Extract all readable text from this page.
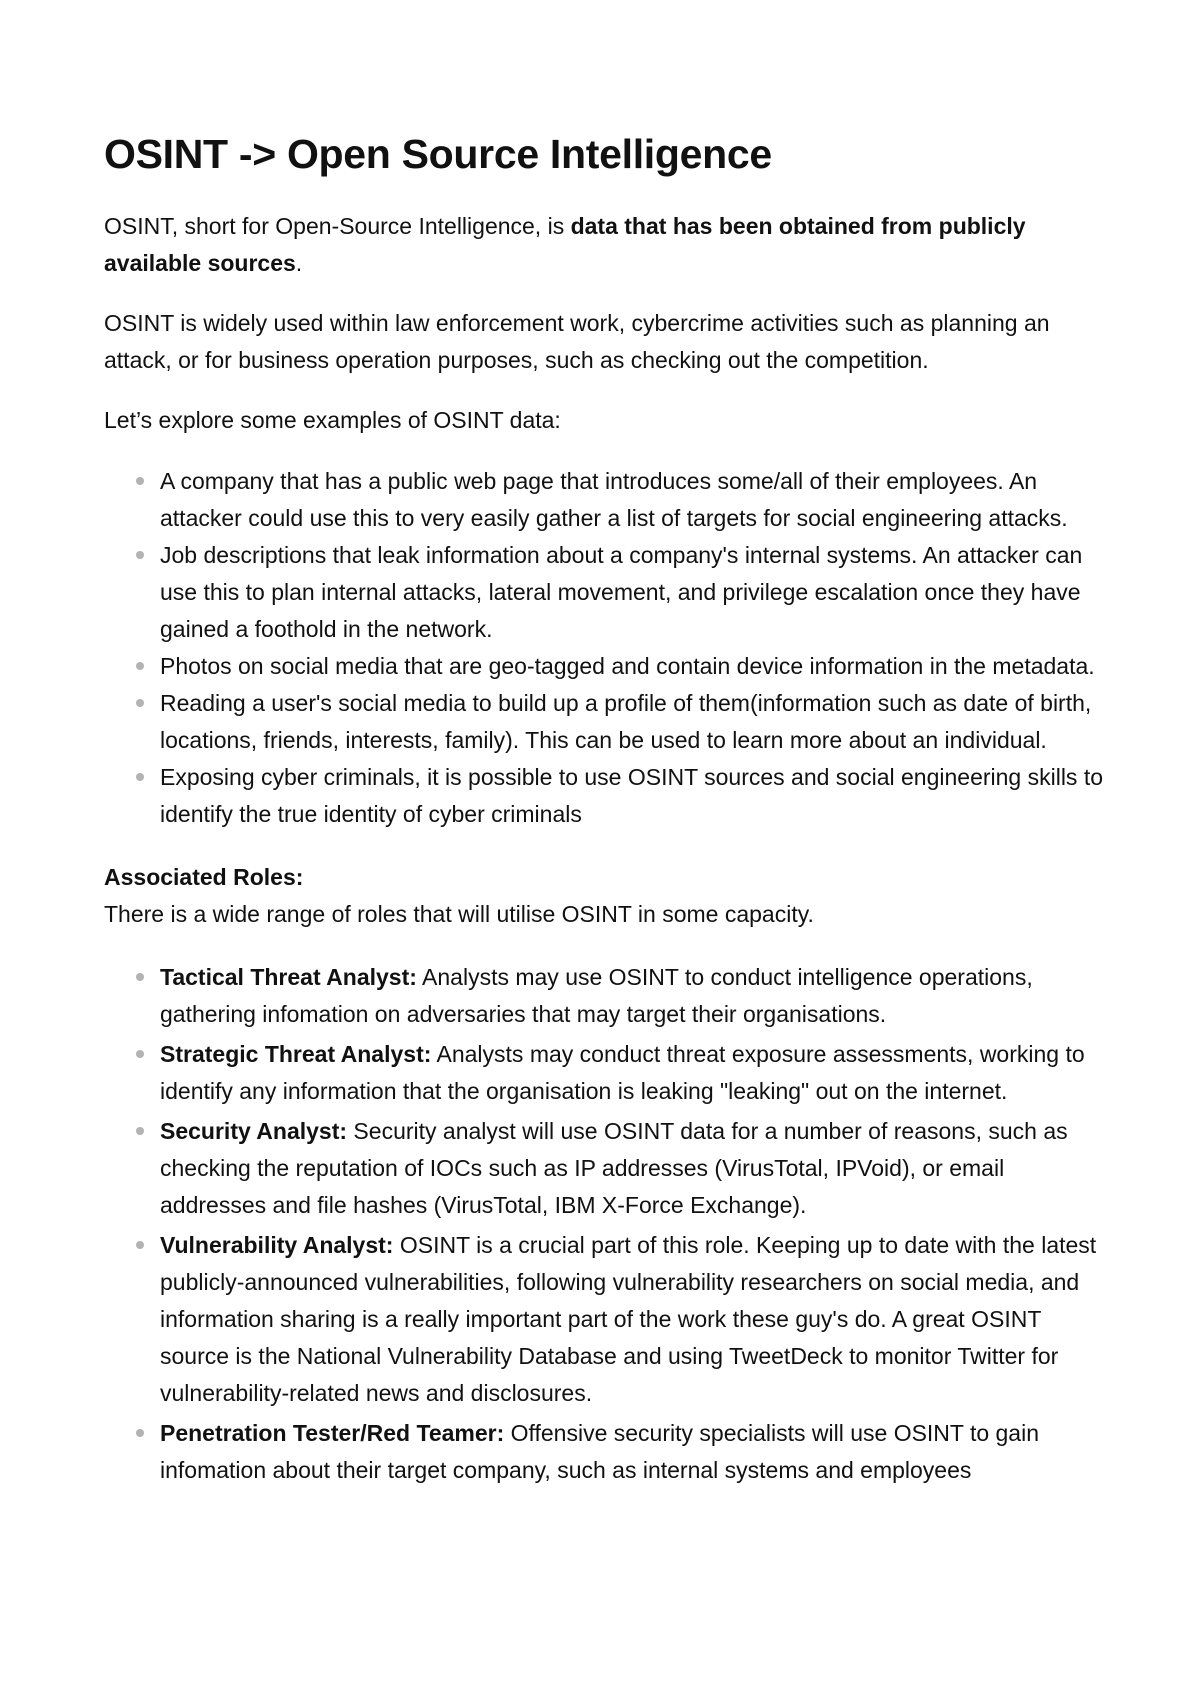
OSINT -> Open Source Intelligence

OSINT, short for Open-Source Intelligence, is data that has been obtained from publicly available sources.

OSINT is widely used within law enforcement work, cybercrime activities such as planning an attack, or for business operation purposes, such as checking out the competition.

Let’s explore some examples of OSINT data:

A company that has a public web page that introduces some/all of their employees. An attacker could use this to very easily gather a list of targets for social engineering attacks.
Job descriptions that leak information about a company's internal systems. An attacker can use this to plan internal attacks, lateral movement, and privilege escalation once they have gained a foothold in the network.
Photos on social media that are geo-tagged and contain device information in the metadata.
Reading a user's social media to build up a profile of them(information such as date of birth, locations, friends, interests, family). This can be used to learn more about an individual.
Exposing cyber criminals, it is possible to use OSINT sources and social engineering skills to identify the true identity of cyber criminals
Associated Roles:

There is a wide range of roles that will utilise OSINT in some capacity.

Tactical Threat Analyst: Analysts may use OSINT to conduct intelligence operations, gathering infomation on adversaries that may target their organisations.
Strategic Threat Analyst: Analysts may conduct threat exposure assessments, working to identify any information that the organisation is leaking "leaking" out on the internet.
Security Analyst: Security analyst will use OSINT data for a number of reasons, such as checking the reputation of IOCs such as IP addresses (VirusTotal, IPVoid), or email addresses and file hashes (VirusTotal, IBM X-Force Exchange).
Vulnerability Analyst: OSINT is a crucial part of this role. Keeping up to date with the latest publicly-announced vulnerabilities, following vulnerability researchers on social media, and information sharing is a really important part of the work these guy's do. A great OSINT source is the National Vulnerability Database and using TweetDeck to monitor Twitter for vulnerability-related news and disclosures.
Penetration Tester/Red Teamer: Offensive security specialists will use OSINT to gain infomation about their target company, such as internal systems and employees
